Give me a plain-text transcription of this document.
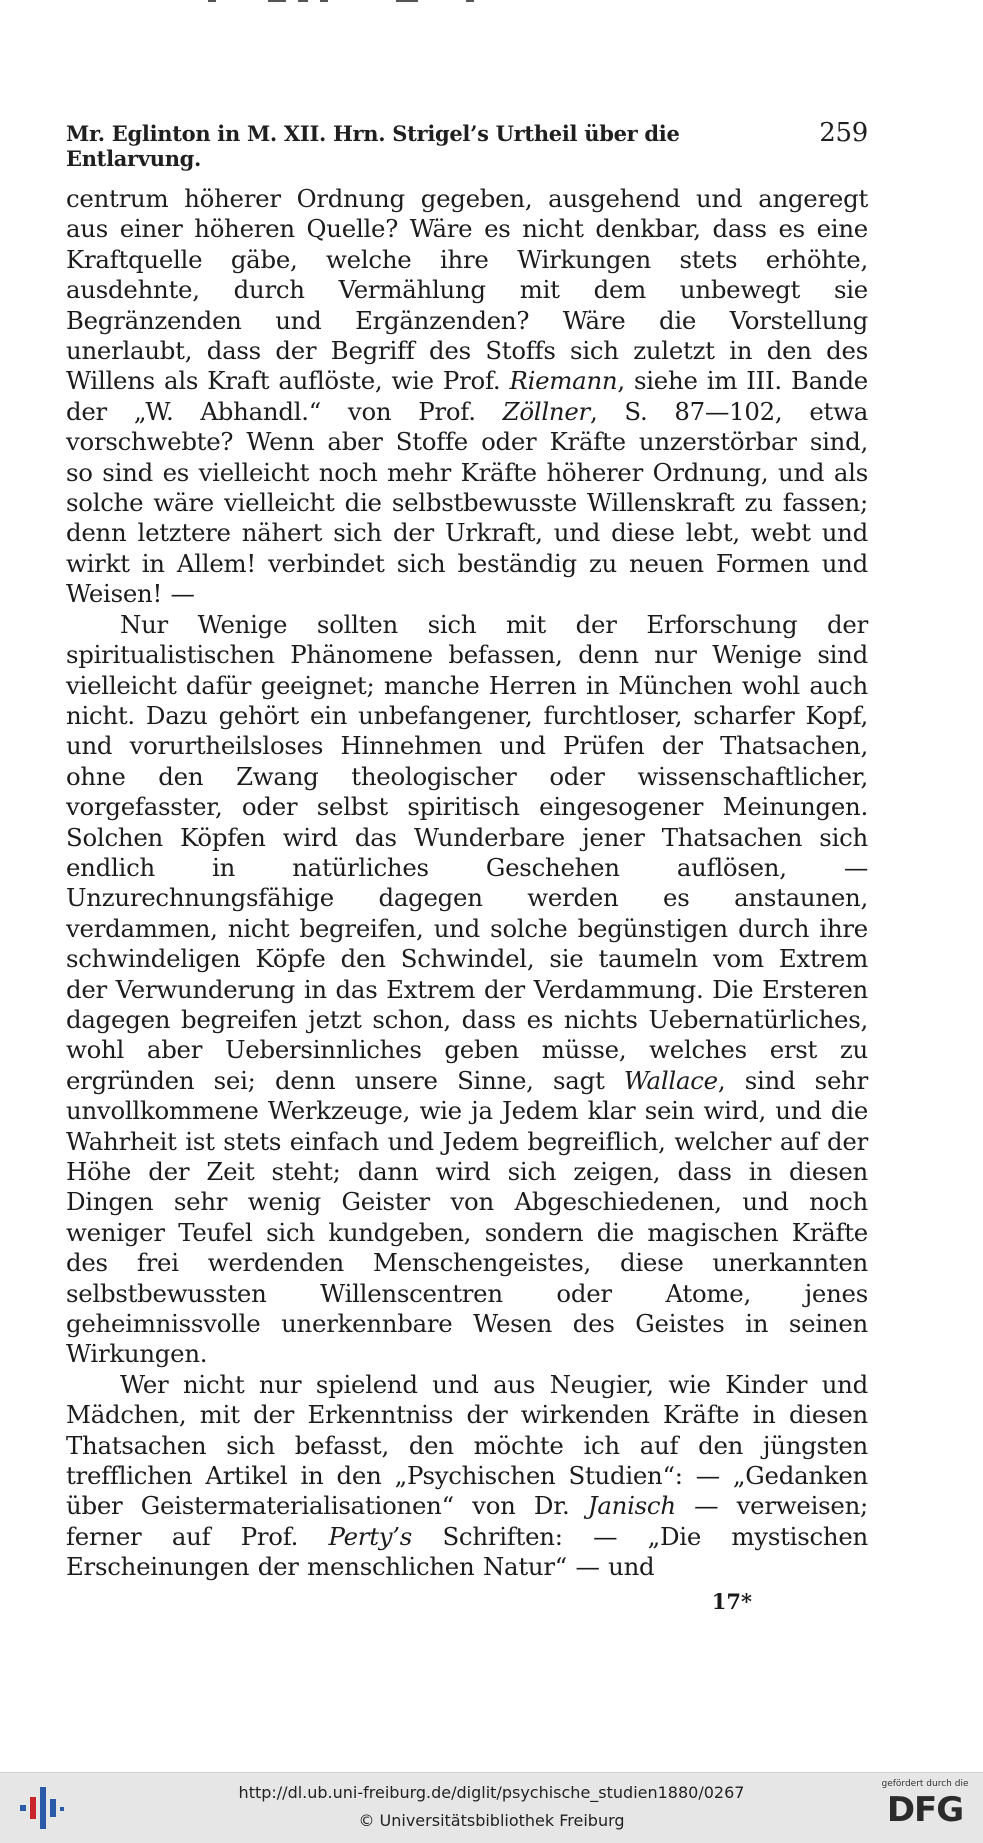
Mr. Eglinton in M. XII. Hrn. Strigel’s Urtheil über die Entlarvung.
259

centrum höherer Ordnung gegeben, ausgehend und angeregt aus einer höheren Quelle? Wäre es nicht denkbar, dass es eine Kraftquelle gäbe, welche ihre Wirkungen stets erhöhte, ausdehnte, durch Vermählung mit dem unbewegt sie Begränzenden und Ergänzenden? Wäre die Vorstellung unerlaubt, dass der Begriff des Stoffs sich zuletzt in den des Willens als Kraft auflöste, wie Prof. Riemann, siehe im III. Bande der „W. Abhandl.“ von Prof. Zöllner, S. 87—102, etwa vorschwebte? Wenn aber Stoffe oder Kräfte unzerstörbar sind, so sind es vielleicht noch mehr Kräfte höherer Ordnung, und als solche wäre vielleicht die selbstbewusste Willenskraft zu fassen; denn letztere nähert sich der Urkraft, und diese lebt, webt und wirkt in Allem! verbindet sich beständig zu neuen Formen und Weisen! —

Nur Wenige sollten sich mit der Erforschung der spiritualistischen Phänomene befassen, denn nur Wenige sind vielleicht dafür geeignet; manche Herren in München wohl auch nicht. Dazu gehört ein unbefangener, furchtloser, scharfer Kopf, und vorurtheilsloses Hinnehmen und Prüfen der Thatsachen, ohne den Zwang theologischer oder wissenschaftlicher, vorgefasster, oder selbst spiritisch eingesogener Meinungen. Solchen Köpfen wird das Wunderbare jener Thatsachen sich endlich in natürliches Geschehen auflösen, — Unzurechnungsfähige dagegen werden es anstaunen, verdammen, nicht begreifen, und solche begünstigen durch ihre schwindeligen Köpfe den Schwindel, sie taumeln vom Extrem der Verwunderung in das Extrem der Verdammung. Die Ersteren dagegen begreifen jetzt schon, dass es nichts Uebernatürliches, wohl aber Uebersinnliches geben müsse, welches erst zu ergründen sei; denn unsere Sinne, sagt Wallace, sind sehr unvollkommene Werkzeuge, wie ja Jedem klar sein wird, und die Wahrheit ist stets einfach und Jedem begreiflich, welcher auf der Höhe der Zeit steht; dann wird sich zeigen, dass in diesen Dingen sehr wenig Geister von Abgeschiedenen, und noch weniger Teufel sich kundgeben, sondern die magischen Kräfte des frei werdenden Menschengeistes, diese unerkannten selbstbewussten Willenscentren oder Atome, jenes geheimnissvolle unerkennbare Wesen des Geistes in seinen Wirkungen.

Wer nicht nur spielend und aus Neugier, wie Kinder und Mädchen, mit der Erkenntniss der wirkenden Kräfte in diesen Thatsachen sich befasst, den möchte ich auf den jüngsten trefflichen Artikel in den „Psychischen Studien“: — „Gedanken über Geistermaterialisationen“ von Dr. Janisch — verweisen; ferner auf Prof. Perty’s Schriften: — „Die mystischen Erscheinungen der menschlichen Natur“ — und

17*
http://dl.ub.uni-freiburg.de/diglit/psychische_studien1880/0267
© Universitätsbibliothek Freiburg
gefördert durch die
DFG
